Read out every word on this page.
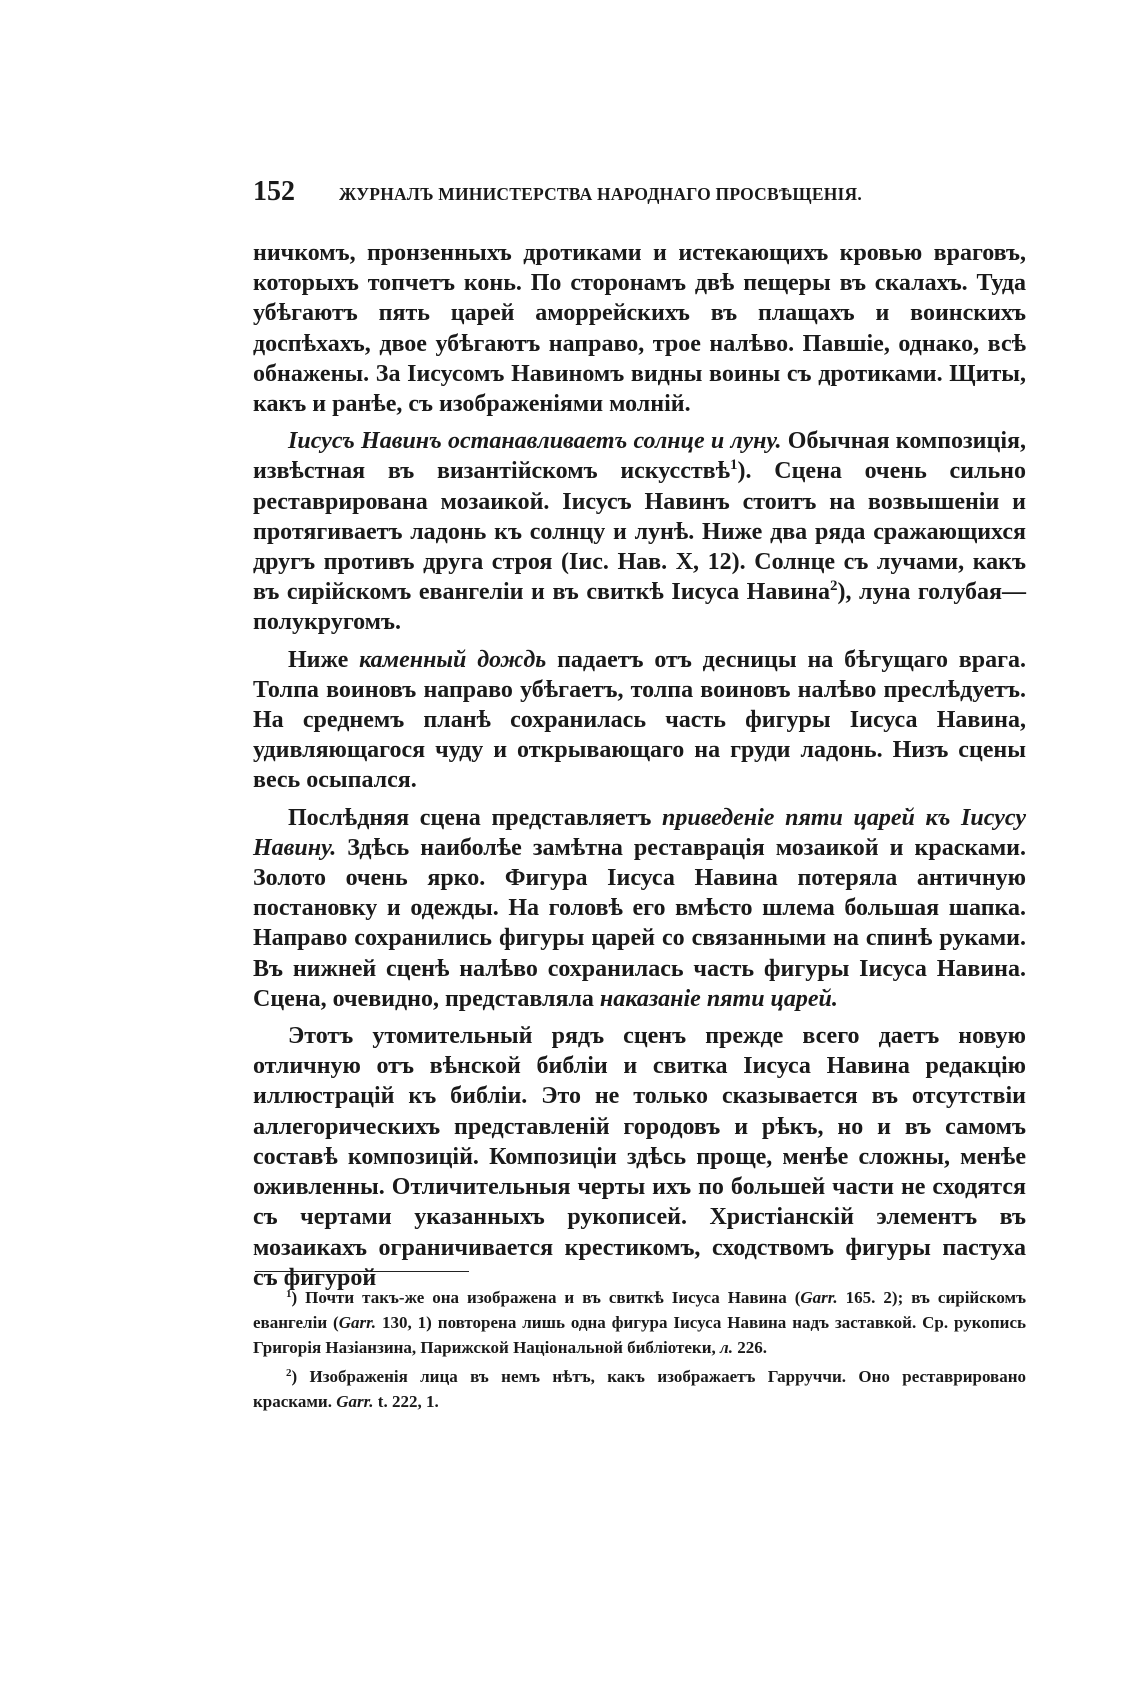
152	ЖУРНАЛЪ МИНИСТЕРСТВА НАРОДНАГО ПРОСВѢЩЕНІЯ.

ничкомъ, пронзенныхъ дротиками и истекающихъ кровью враговъ, которыхъ топчетъ конь. По сторонамъ двѣ пещеры въ скалахъ. Туда убѣгаютъ пять царей аморрейскихъ въ плащахъ и воинскихъ доспѣхахъ, двое убѣгаютъ направо, трое налѣво. Павшіе, однако, всѣ обнажены. За Іисусомъ Навиномъ видны воины съ дротиками. Щиты, какъ и ранѣе, съ изображеніями молній.

Іисусъ Навинъ останавливаетъ солнце и луну. Обычная композиція, извѣстная въ византійскомъ искусствѣ$^1$). Сцена очень сильно реставрирована мозаикой. Іисусъ Навинъ стоитъ на возвышеніи и протягиваетъ ладонь къ солнцу и лунѣ. Ниже два ряда сражающихся другъ противъ друга строя (Іис. Нав. X, 12). Солнце съ лучами, какъ въ сирійскомъ евангеліи и въ свиткѣ Іисуса Навина$^2$), луна голубая—полукругомъ.

Ниже каменный дождь падаетъ отъ десницы на бѣгущаго врага. Толпа воиновъ направо убѣгаетъ, толпа воиновъ налѣво преслѣдуетъ. На среднемъ планѣ сохранилась часть фигуры Іисуса Навина, удивляющагося чуду и открывающаго на груди ладонь. Низъ сцены весь осыпался.

Послѣдняя сцена представляетъ приведеніе пяти царей къ Іисусу Навину. Здѣсь наиболѣе замѣтна реставрація мозаикой и красками. Золото очень ярко. Фигура Іисуса Навина потеряла античную постановку и одежды. На головѣ его вмѣсто шлема большая шапка. Направо сохранились фигуры царей со связанными на спинѣ руками. Въ нижней сценѣ налѣво сохранилась часть фигуры Іисуса Навина. Сцена, очевидно, представляла наказаніе пяти царей.

Этотъ утомительный рядъ сценъ прежде всего даетъ новую отличную отъ вѣнской библіи и свитка Іисуса Навина редакцію иллюстрацій къ библіи. Это не только сказывается въ отсутствіи аллегорическихъ представленій городовъ и рѣкъ, но и въ самомъ составѣ композицій. Композиціи здѣсь проще, менѣе сложны, менѣе оживленны. Отличительныя черты ихъ по большей части не сходятся съ чертами указанныхъ рукописей. Христіанскій элементъ въ мозаикахъ ограничивается крестикомъ, сходствомъ фигуры пастуха съ фигурой

$^1$) Почти такъ-же она изображена и въ свиткѣ Іисуса Навина (Garr. 165. 2); въ сирійскомъ евангеліи (Garr. 130, 1) повторена лишь одна фигура Іисуса Навина надъ заставкой. Ср. рукопись Григорія Назіанзина, Парижской Національной библіотеки, л. 226.

$^2$) Изображенія лица въ немъ нѣтъ, какъ изображаетъ Гарруччи. Оно реставрировано красками. Garr. t. 222, 1.
